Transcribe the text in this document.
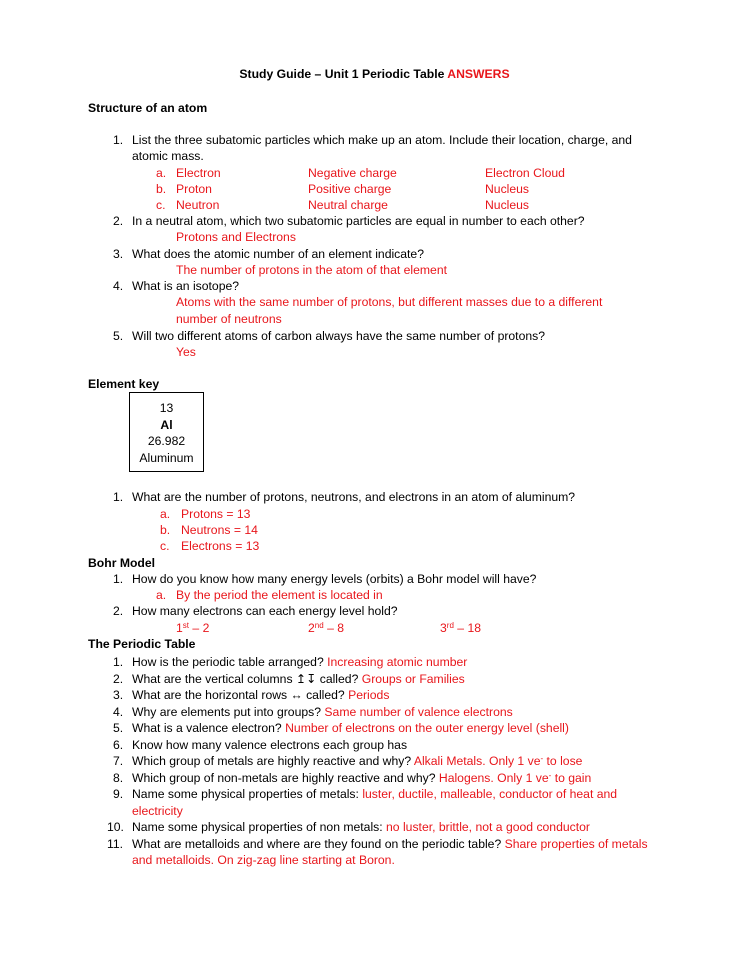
Study Guide – Unit 1 Periodic Table ANSWERS
Structure of an atom
1. List the three subatomic particles which make up an atom. Include their location, charge, and
atomic mass.
a. Electron	Negative charge	Electron Cloud
b. Proton	Positive charge	Nucleus
c. Neutron	Neutral charge	Nucleus
2. In a neutral atom, which two subatomic particles are equal in number to each other?
Protons and Electrons
3. What does the atomic number of an element indicate?
The number of protons in the atom of that element
4. What is an isotope?
Atoms with the same number of protons, but different masses due to a different
number of neutrons
5. Will two different atoms of carbon always have the same number of protons?
Yes
Element key
13
Al
26.982
Aluminum
1. What are the number of protons, neutrons, and electrons in an atom of aluminum?
a. Protons = 13
b. Neutrons = 14
c. Electrons = 13
Bohr Model
1. How do you know how many energy levels (orbits) a Bohr model will have?
a. By the period the element is located in
2. How many electrons can each energy level hold?
1st – 2	2nd – 8	3rd – 18
The Periodic Table
1. How is the periodic table arranged? Increasing atomic number
2. What are the vertical columns ↥↧ called? Groups or Families
3. What are the horizontal rows ↔ called? Periods
4. Why are elements put into groups? Same number of valence electrons
5. What is a valence electron? Number of electrons on the outer energy level (shell)
6. Know how many valence electrons each group has
7. Which group of metals are highly reactive and why? Alkali Metals. Only 1 ve- to lose
8. Which group of non-metals are highly reactive and why? Halogens. Only 1 ve- to gain
9. Name some physical properties of metals: luster, ductile, malleable, conductor of heat and
electricity
10. Name some physical properties of non metals: no luster, brittle, not a good conductor
11. What are metalloids and where are they found on the periodic table? Share properties of metals
and metalloids. On zig-zag line starting at Boron.
